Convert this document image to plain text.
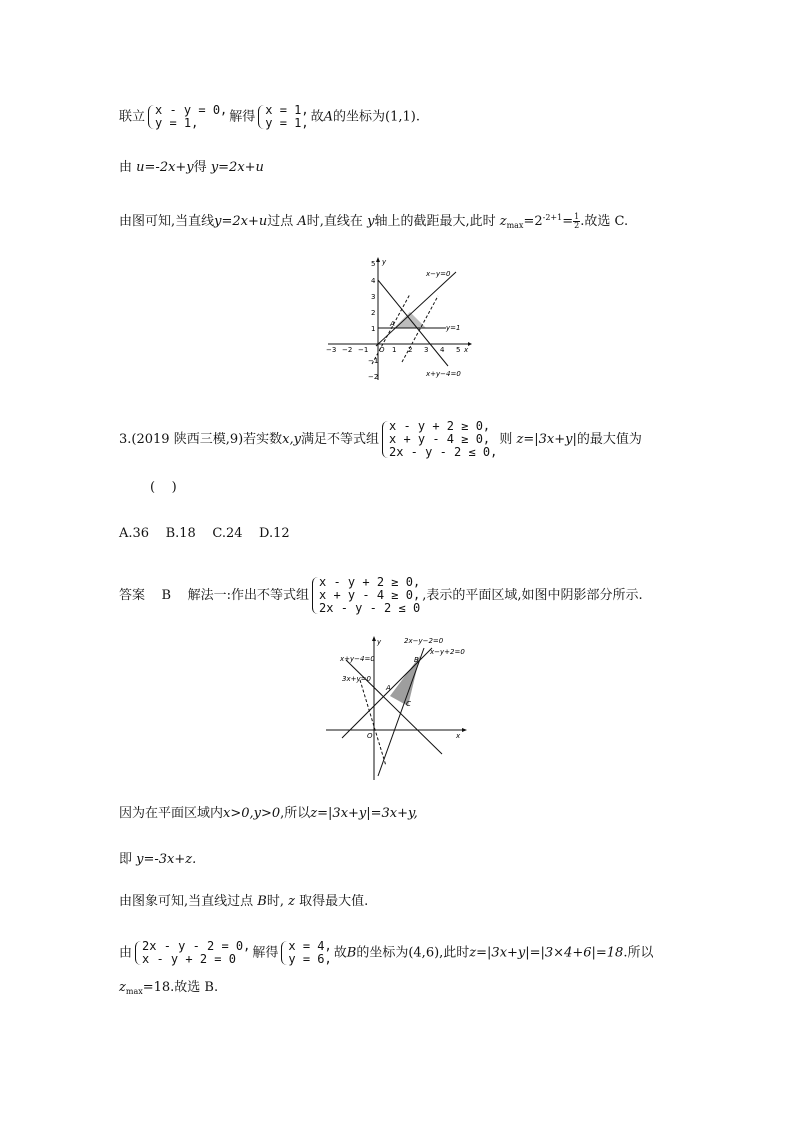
联立 x - y = 0,
y = 1,	解得 x = 1,
y = 1, 故A的坐标为(1,1).
由 u=-2x+y得 y=2x+u
由图可知,当直线y=2x+u过点 A时,直线在 y轴上的截距最大,此时 $z_{max}=2^{-2+1}= \frac{1}{2}$ .故选 C.
y
x
x−y=0
y=1
x+y−4=0
A
O
−3 −2 −1	1 2 3 4 5
5
4
3
2
1
−1
−2
3.(2019 陕西三模,9)若实数x,y满足不等式组
x - y + 2 ≥ 0,
x + y - 4 ≥ 0,
2x - y - 2 ≤ 0,
则 z=|3x+y|的最大值为
(    )
A.36    B.18    C.24    D.12
答案 B 解法一:作出不等式组
x - y + 2 ≥ 0,
x + y - 4 ≥ 0,
2x - y - 2 ≤ 0
,表示的平面区域,如图中阴影部分所示.
y
x
O
2x−y−2=0
x−y+2=0
x+y−4=0
3x+y=0
A
B
C
因为在平面区域内x>0,y>0,所以z=|3x+y|=3x+y,
即 y=-3x+z.
由图象可知,当直线过点 B时, z 取得最大值.
由 2x - y - 2 = 0,
x - y + 2 = 0	解得 x = 4,
y = 6, 故B的坐标为(4,6),此时z=|3x+y|=|3×4+6|=18.所以
$z_{max}=18$.故选 B.
